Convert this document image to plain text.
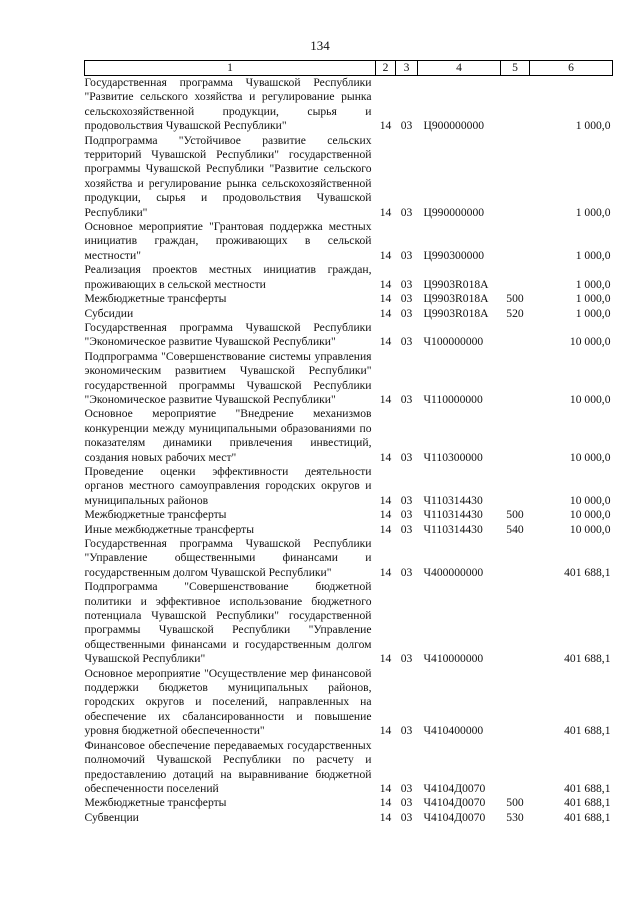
134
1	2	3	4	5	6
Государственная программа Чувашской Республики "Развитие сельского хозяйства и регулирование рынка сельскохозяйственной продукции, сырья и продовольствия Чувашской Республики"	14	03	Ц900000000		1 000,0
Подпрограмма "Устойчивое развитие сельских территорий Чувашской Республики" государственной программы Чувашской Республики "Развитие сельского хозяйства и регулирование рынка сельскохозяйственной продукции, сырья и продовольствия Чувашской Республики"	14	03	Ц990000000		1 000,0
Основное мероприятие "Грантовая поддержка местных инициатив граждан, проживающих в сельской местности"	14	03	Ц990300000		1 000,0
Реализация проектов местных инициатив граждан, проживающих в сельской местности	14	03	Ц9903R018A		1 000,0
Межбюджетные трансферты	14	03	Ц9903R018A	500	1 000,0
Субсидии	14	03	Ц9903R018A	520	1 000,0
Государственная программа Чувашской Республики "Экономическое развитие Чувашской Республики"	14	03	Ч100000000		10 000,0
Подпрограмма "Совершенствование системы управления экономическим развитием Чувашской Республики" государственной программы Чувашской Республики "Экономическое развитие Чувашской Республики"	14	03	Ч110000000		10 000,0
Основное мероприятие "Внедрение механизмов конкуренции между муниципальными образованиями по показателям динамики привлечения инвестиций, создания новых рабочих мест"	14	03	Ч110300000		10 000,0
Проведение оценки эффективности деятельности органов местного самоуправления городских округов и муниципальных районов	14	03	Ч110314430		10 000,0
Межбюджетные трансферты	14	03	Ч110314430	500	10 000,0
Иные межбюджетные трансферты	14	03	Ч110314430	540	10 000,0
Государственная программа Чувашской Республики "Управление общественными финансами и государственным долгом Чувашской Республики"	14	03	Ч400000000		401 688,1
Подпрограмма "Совершенствование бюджетной политики и эффективное использование бюджетного потенциала Чувашской Республики" государственной программы Чувашской Республики "Управление общественными финансами и государственным долгом Чувашской Республики"	14	03	Ч410000000		401 688,1
Основное мероприятие "Осуществление мер финансовой поддержки бюджетов муниципальных районов, городских округов и поселений, направленных на обеспечение их сбалансированности и повышение уровня бюджетной обеспеченности"	14	03	Ч410400000		401 688,1
Финансовое обеспечение передаваемых государственных полномочий Чувашской Республики по расчету и предоставлению дотаций на выравнивание бюджетной обеспеченности поселений	14	03	Ч4104Д0070		401 688,1
Межбюджетные трансферты	14	03	Ч4104Д0070	500	401 688,1
Субвенции	14	03	Ч4104Д0070	530	401 688,1
